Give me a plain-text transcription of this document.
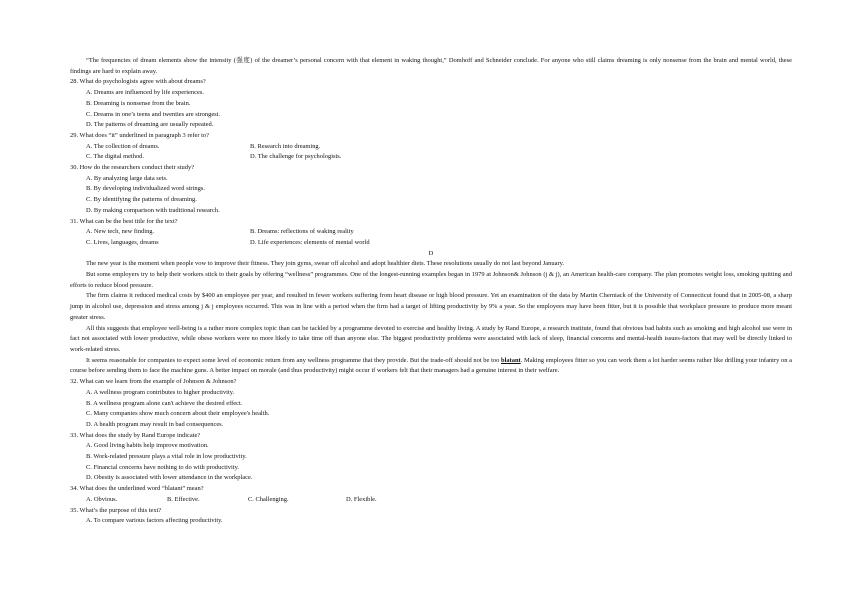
“The frequencies of dream elements show the intensity (强度) of the dreamer’s personal concern with that element in waking thought,” Domhoff and Schneider conclude. For anyone who still claims dreaming is only nonsense from the brain and mental world, these findings are hard to explain away.

28. What do psychologists agree with about dreams?

A. Dreams are influenced by life experiences.

B. Dreaming is nonsense from the brain.

C. Dreams in one’s teens and twenties are strongest.

D. The patterns of dreaming are usually repeated.

29. What does “it” underlined in paragraph 3 refer to?

A. The collection of dreams.	B. Research into dreaming.
C. The digital method.	D. The challenge for psychologists.

30. How do the researchers conduct their study?

A. By analyzing large data sets.

B. By developing individualized word strings.

C. By identifying the patterns of dreaming.

D. By making comparison with traditional research.

31. What can be the best title for the text?

A. New tech, new finding.	B. Dreams: reflections of waking reality
C. Lives, languages, dreams	D. Life experiences: elements of mental world

D

The new year is the moment when people vow to improve their fitness. They join gyms, swear off alcohol and adopt healthier diets. These resolutions usually do not last beyond January.

But some employers try to help their workers stick to their goals by offering “wellness” programmes. One of the longest-running examples began in 1979 at Johnson& Johnson (j & j), an American health-care company. The plan promotes weight loss, smoking quitting and efforts to reduce blood pressure.

The firm claims it reduced medical costs by $400 an employee per year, and resulted in fewer workers suffering from heart disease or high blood pressure. Yet an examination of the data by Martin Cherniack of the University of Connecticut found that in 2005-08, a sharp jump in alcohol use, depression and stress among j & j employees occurred. This was in line with a period when the firm had a target of lifting productivity by 9% a year. So the employees may have been fitter, but it is possible that workplace pressure to produce more meant greater stress.

All this suggests that employee well-being is a rather more complex topic than can be tackled by a programme devoted to exercise and healthy living. A study by Rand Europe, a research institute, found that obvious bad habits such as smoking and high alcohol use were in fact not associated with lower productive, while obese workers were no more likely to take time off than anyone else. The biggest productivity problems were associated with lack of sleep, financial concerns and mental-health issues-factors that may well be directly linked to work-related stress.

It seems reasonable for companies to expect some level of economic return from any wellness programme that they provide. But the trade-off should not be too blatant. Making employees fitter so you can work them a lot harder seems rather like drilling your infantry on a course before sending them to face the machine guns. A better impact on morale (and thus productivity) might occur if workers felt that their managers had a genuine interest in their welfare.

32. What can we learn from the example of Johnson & Johnson?

A. A wellness program contributes to higher productivity.

B. A wellness program alone can't achieve the desired effect.

C. Many companies show much concern about their employee's health.

D. A health program may result in bad consequences.

33. What does the study by Rand Europe indicate?

A. Good living habits help improve motivation.

B. Work-related pressure plays a vital role in low productivity.

C. Financial concerns have nothing to do with productivity.

D. Obesity is associated with lower attendance in the workplace.

34. What does the underlined word “blatant” mean?

A. Obvious.	B. Effective.	C. Challenging.	D. Flexible.

35. What’s the purpose of this text?

A. To compare various factors affecting productivity.
